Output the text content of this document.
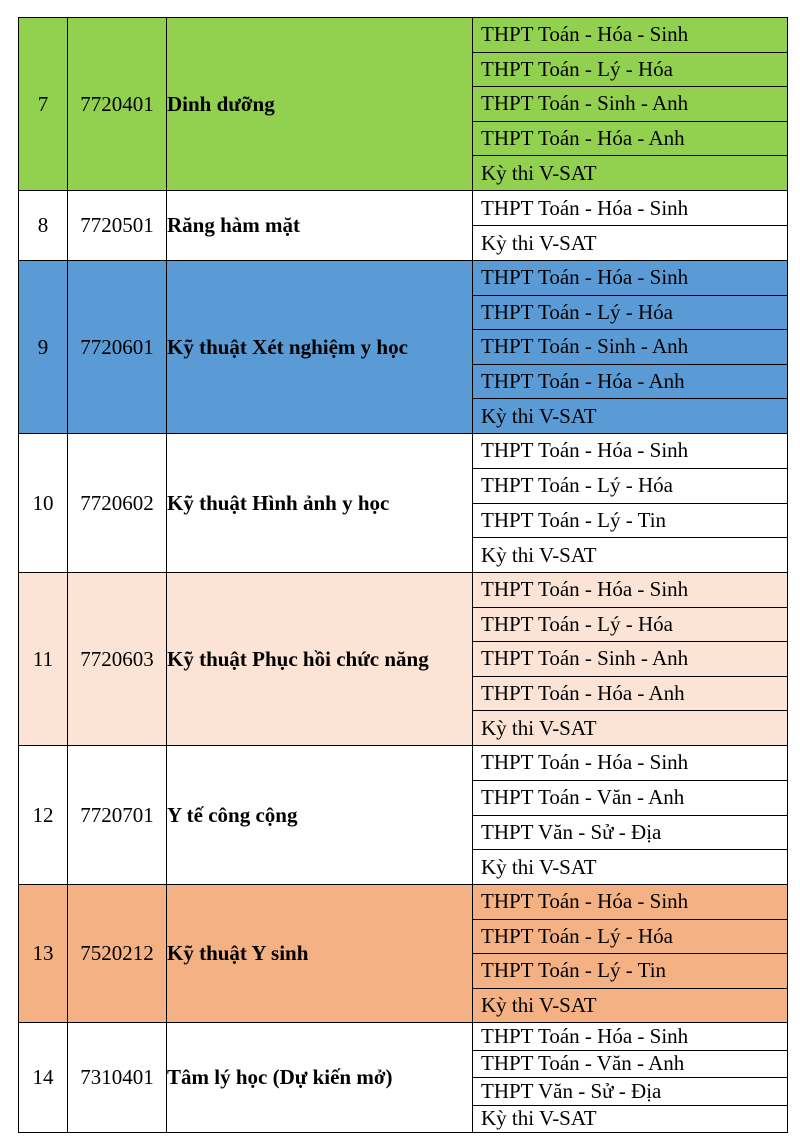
7	7720401	Dinh dưỡng	THPT Toán - Hóa - Sinh
THPT Toán - Lý - Hóa
THPT Toán - Sinh - Anh
THPT Toán - Hóa - Anh
Kỳ thi V-SAT

8	7720501	Răng hàm mặt	THPT Toán - Hóa - Sinh
Kỳ thi V-SAT

9	7720601	Kỹ thuật Xét nghiệm y học	THPT Toán - Hóa - Sinh
THPT Toán - Lý - Hóa
THPT Toán - Sinh - Anh
THPT Toán - Hóa - Anh
Kỳ thi V-SAT

10	7720602	Kỹ thuật Hình ảnh y học	THPT Toán - Hóa - Sinh
THPT Toán - Lý - Hóa
THPT Toán - Lý - Tin
Kỳ thi V-SAT

11	7720603	Kỹ thuật Phục hồi chức năng	THPT Toán - Hóa - Sinh
THPT Toán - Lý - Hóa
THPT Toán - Sinh - Anh
THPT Toán - Hóa - Anh
Kỳ thi V-SAT

12	7720701	Y tế công cộng	THPT Toán - Hóa - Sinh
THPT Toán - Văn - Anh
THPT Văn - Sử - Địa
Kỳ thi V-SAT

13	7520212	Kỹ thuật Y sinh	THPT Toán - Hóa - Sinh
THPT Toán - Lý - Hóa
THPT Toán - Lý - Tin
Kỳ thi V-SAT

14	7310401	Tâm lý học (Dự kiến mở)	THPT Toán - Hóa - Sinh
THPT Toán - Văn - Anh
THPT Văn - Sử - Địa
Kỳ thi V-SAT
